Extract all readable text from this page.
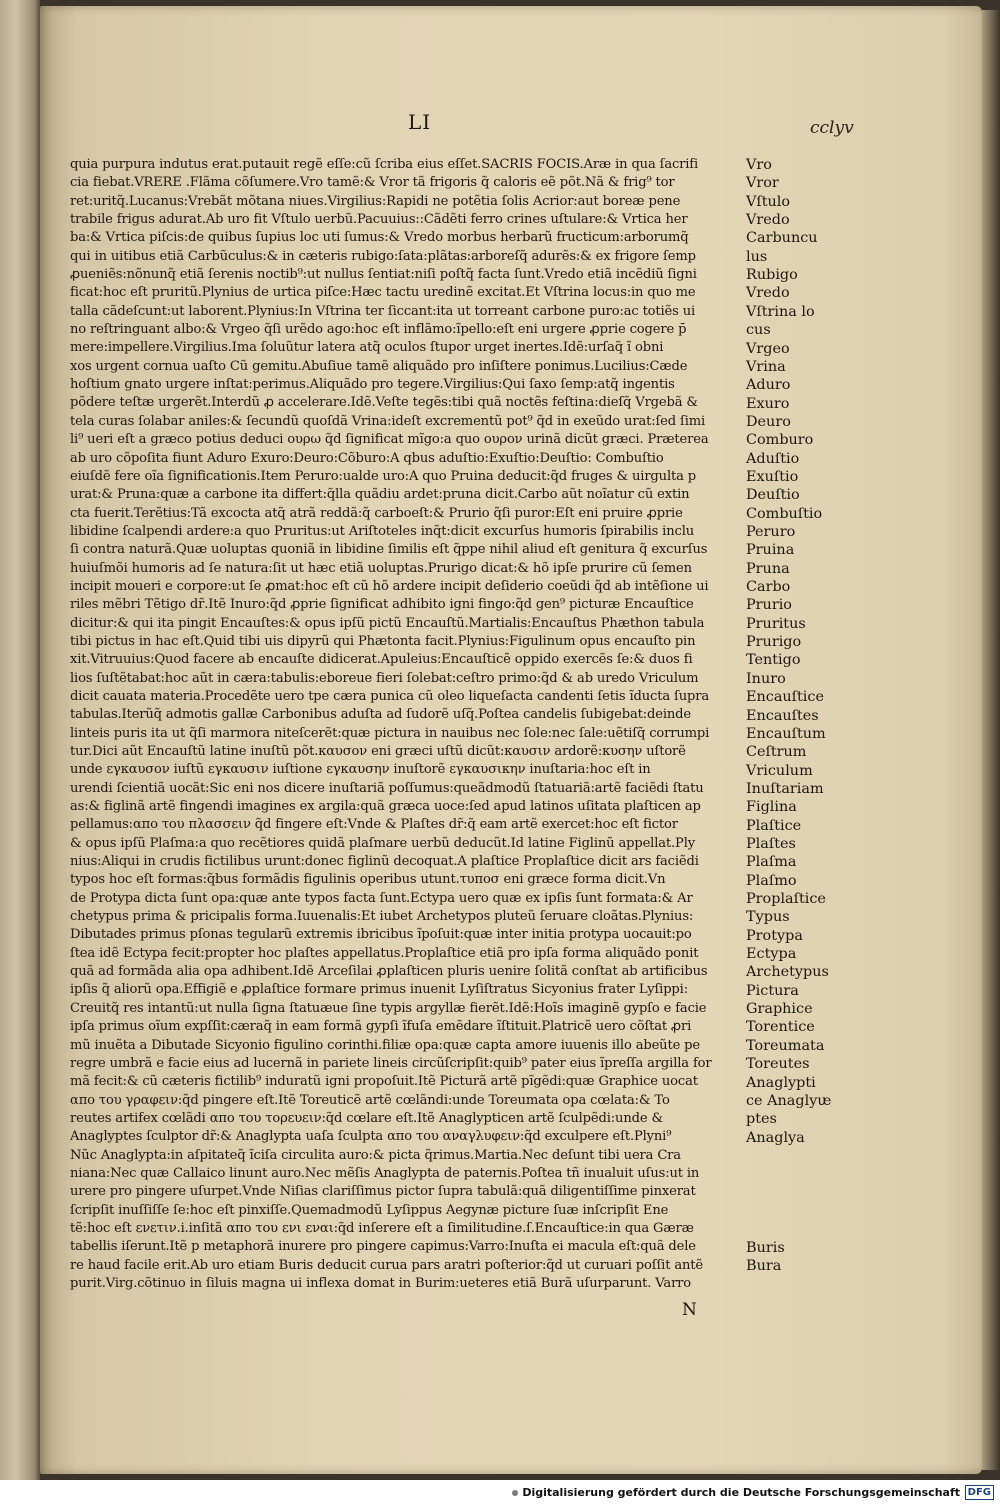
LI	cclyv
quia purpura indutus erat.putauit regẽ eſſe:cũ ſcriba eius eſſet.SACRIS FOCIS.Aræ in qua ſacrifi
cia fiebat.VRERE .Flãma cõſumere.Vro tamẽ:& Vror tã frigoris q̃ caloris eẽ põt.Nã & frig⁹ tor
ret:uritq̃.Lucanus:Vrebãt mõtana niues.Virgilius:Rapidi ne potẽtia ſolis Acrior:aut boreæ pene
trabile frigus adurat.Ab uro fit Vſtulo uerbũ.Pacuuius::Cãdẽti ferro crines uſtulare:& Vrtica her
ba:& Vrtica piſcis:de quibus ſupius loc uti ſumus:& Vredo morbus herbarũ fructicum:arborumq̃
qui in uitibus etiã Carbũculus:& in cæteris rubigo:ſata:plãtas:arboreſq̃ adurẽs:& ex frigore ſemp
ꝓueniẽs:nõnunq̃ etiã ſerenis noctib⁹:ut nullus ſentiat:niſi poſtq̃ facta ſunt.Vredo etiã incẽdiũ ſigni
ficat:hoc eſt pruritũ.Plynius de urtica piſce:Hæc tactu uredinẽ excitat.Et Vſtrina locus:in quo me
talla cãdeſcunt:ut laborent.Plynius:In Vſtrina ter ſiccant:ita ut torreant carbone puro:ac totiẽs ui
no reſtringuant albo:& Vrgeo q̃ſi urẽdo ago:hoc eſt inflãmo:ĩpello:eſt eni urgere ꝓprie cogere p̄
mere:impellere.Virgilius.Ima ſoluũtur latera atq̃ oculos ſtupor urget inertes.Idẽ:urſaq̃ ĩ obni
xos urgent cornua uaſto Cũ gemitu.Abuſiue tamẽ aliquãdo pro inſiſtere ponimus.Lucilius:Cæde
hoſtium gnato urgere inſtat:perimus.Aliquãdo pro tegere.Virgilius:Qui ſaxo ſemp:atq̃ ingentis
põdere teſtæ urgerẽt.Interdũ ꝓ accelerare.Idẽ.Veſte tegẽs:tibi quã noctẽs feſtina:dieſq̃ Vrgebã &
tela curas ſolabar aniles:& ſecundũ quoſdã Vrina:ideſt excrementũ pot⁹ q̃d in exeũdo urat:ſed ſimi
li⁹ ueri eſt a græco potius deduci ουρω q̃d ſignificat mĩgo:a quo ουρον urinã dicũt græci. Præterea
ab uro cõpoſita fiunt Aduro Exuro:Deuro:Cõburo:A qbus aduſtio:Exuſtio:Deuſtio: Combuſtio
eiuſdẽ fere oĩa ſignificationis.Item Peruro:ualde uro:A quo Pruina deducit:q̃d fruges & uirgulta p
urat:& Pruna:quæ a carbone ita differt:q̃lla quãdiu ardet:pruna dicit.Carbo aũt noĩatur cũ extin
cta fuerit.Terẽtius:Tã excocta atq̃ atrã reddã:q̃ carboeſt:& Prurio q̃ſi puror:Eſt eni pruire ꝓprie
libidine ſcalpendi ardere:a quo Pruritus:ut Ariſtoteles inq̃t:dicit excurſus humoris ſpirabilis inclu
ſi contra naturã.Quæ uoluptas quoniã in libidine ſimilis eſt q̃ppe nihil aliud eſt genitura q̃ excurſus
huiuſmõi humoris ad ſe natura:ſit ut hæc etiã uoluptas.Prurigo dicat:& hõ ipſe prurire cũ ſemen
incipit moueri e corpore:ut ſe ꝓmat:hoc eſt cũ hõ ardere incipit deſiderio coeũdi q̃d ab intẽſione ui
riles mẽbri Tẽtigo dr̃.Itẽ Inuro:q̃d ꝓprie ſignificat adhibito igni fingo:q̃d gen⁹ picturæ Encauſtice
dicitur:& qui ita pingit Encauſtes:& opus ipſũ pictũ Encauſtũ.Martialis:Encauſtus Phæthon tabula
tibi pictus in hac eſt.Quid tibi uis dipyrũ qui Phætonta facit.Plynius:Figulinum opus encauſto pin
xit.Vitruuius:Quod facere ab encauſte didicerat.Apuleius:Encauſticẽ oppido exercẽs ſe:& duos fi
lios ſuſtẽtabat:hoc aũt in cæra:tabulis:eboreue fieri ſolebat:ceſtro primo:q̃d & ab uredo Vriculum
dicit cauata materia.Procedẽte uero tpe cæra punica cũ oleo liqueſacta candenti ſetis ĩducta ſupra
tabulas.Iterũq̃ admotis gallæ Carbonibus aduſta ad ſudorẽ uſq̃.Poſtea candelis ſubigebat:deinde
linteis puris ita ut q̃ſi marmora niteſcerẽt:quæ pictura in nauibus nec ſole:nec ſale:uẽtiſq̃ corrumpi
tur.Dici aũt Encauſtũ latine inuſtũ põt.καυσον eni græci uſtũ dicũt:καυσιν ardorẽ:κυσην uſtorẽ
unde εγκαυσον iuſtũ εγκαυσιν iuſtione εγκαυσην inuſtorẽ εγκαυσικην inuſtaria:hoc eſt in
urendi ſcientiã uocãt:Sic eni nos dicere inuſtariã poſſumus:queãdmodũ ſtatuariã:artẽ faciẽdi ſtatu
as:& figlinã artẽ fingendi imagines ex argila:quã græca uoce:ſed apud latinos uſitata plaſticen ap
pellamus:απο του πλασσειν q̃d fingere eſt:Vnde & Plaſtes dr̃:q̃ eam artẽ exercet:hoc eſt fictor
& opus ipſũ Plaſma:a quo recẽtiores quidã plaſmare uerbũ deducũt.Id latine Figlinũ appellat.Ply
nius:Aliqui in crudis fictilibus urunt:donec figlinũ decoquat.A plaſtice Proplaſtice dicit ars faciẽdi
typos hoc eſt formas:q̃bus formãdis figulinis operibus utunt.τυποσ eni græce forma dicit.Vn
de Protypa dicta ſunt opa:quæ ante typos facta ſunt.Ectypa uero quæ ex ipſis ſunt formata:& Ar
chetypus prima & pricipalis forma.Iuuenalis:Et iubet Archetypos pluteũ ſeruare cloãtas.Plynius:
Dibutades primus pſonas tegularũ extremis ibricibus ĩpoſuit:quæ inter initia protypa uocauit:po
ſtea idẽ Ectypa fecit:propter hoc plaſtes appellatus.Proplaſtice etiã pro ipſa forma aliquãdo ponit
quã ad formãda alia opa adhibent.Idẽ Arceſilai ꝓplaſticen pluris uenire ſolitã conſtat ab artificibus
ipſis q̃ aliorũ opa.Effigiẽ e ꝓplaſtice formare primus inuenit Lyſiſtratus Sicyonius frater Lyſippi:
Creuitq̃ res intantũ:ut nulla ſigna ſtatuæue ſine typis argyllæ fierẽt.Idẽ:Hoĩs imaginẽ gypſo e facie
ipſa primus oĩum expſſit:cæraq̃ in eam formã gypſi ĩfuſa emẽdare ĩſtituit.Platricẽ uero cõſtat ꝓri
mũ inuẽta a Dibutade Sicyonio figulino corinthi.filiæ opa:quæ capta amore iuuenis illo abeũte pe
regre umbrã e facie eius ad lucernã in pariete lineis circũſcripſit:quib⁹ pater eius ĩpreſſa argilla for
mã fecit:& cũ cæteris fictilib⁹ induratũ igni propoſuit.Itẽ Picturã artẽ pĩgẽdi:quæ Graphice uocat
απο του γραφειν:q̃d pingere eſt.Itẽ Toreuticẽ artẽ cœlãndi:unde Toreumata opa cœlata:& To
reutes artifex cœlãdi απο του τορευειν:q̃d cœlare eſt.Itẽ Anaglypticen artẽ ſculpẽdi:unde &
Anaglyptes ſculptor dr̃:& Anaglypta uaſa ſculpta απο του αναγλυφειν:q̃d exculpere eſt.Plyni⁹
Nũc Anaglypta:in aſpitateq̃ ĩciſa circulita auro:& picta q̃rimus.Martia.Nec deſunt tibi uera Cra
niana:Nec quæ Callaico linunt auro.Nec mẽſis Anaglypta de paternis.Poſtea tñ inualuit uſus:ut in
urere pro pingere uſurpet.Vnde Niſias clariſſimus pictor ſupra tabulã:quã diligentiſſime pinxerat
ſcripſit inuſſiſſe ſe:hoc eſt pinxiſſe.Quemadmodũ Lyſippus Aegynæ picture ſuæ inſcripſit Ene
tẽ:hoc eſt ενετιν.i.inſitã απο του ενι εναι:q̃d inſerere eſt a ſimilitudine.ſ.Encauſtice:in qua Gæræ
tabellis iſerunt.Itẽ p metaphorã inurere pro pingere capimus:Varro:Inuſta ei macula eſt:quã dele
re haud facile erit.Ab uro etiam Buris deducit curua pars aratri poſterior:q̃d ut curuari poſſit antẽ
purit.Virg.cõtinuo in ſiluis magna ui inflexa domat in Burim:ueteres etiã Burã uſurparunt. Varro
Vro
Vror
Vſtulo
Vredo
Carbuncu
lus
Rubigo
Vredo
Vſtrina lo
cus
Vrgeo
Vrina
Aduro
Exuro
Deuro
Comburo
Aduſtio
Exuſtio
Deuſtio
Combuſtio
Peruro
Pruina
Pruna
Carbo
Prurio
Pruritus
Prurigo
Tentigo
Inuro
Encauſtice
Encauſtes
Encauſtum
Ceſtrum
Vriculum
Inuſtariam
Figlina
Plaſtice
Plaſtes
Plaſma
Plaſmo
Proplaſtice
Typus
Protypa
Ectypa
Archetypus
Pictura
Graphice
Torentice
Toreumata
Toreutes
Anaglypti
ce Anaglyᵫ
ptes
Anaglya
Buris
Bura
N
Digitalisierung gefördert durch die Deutsche Forschungsgemeinschaft DFG
